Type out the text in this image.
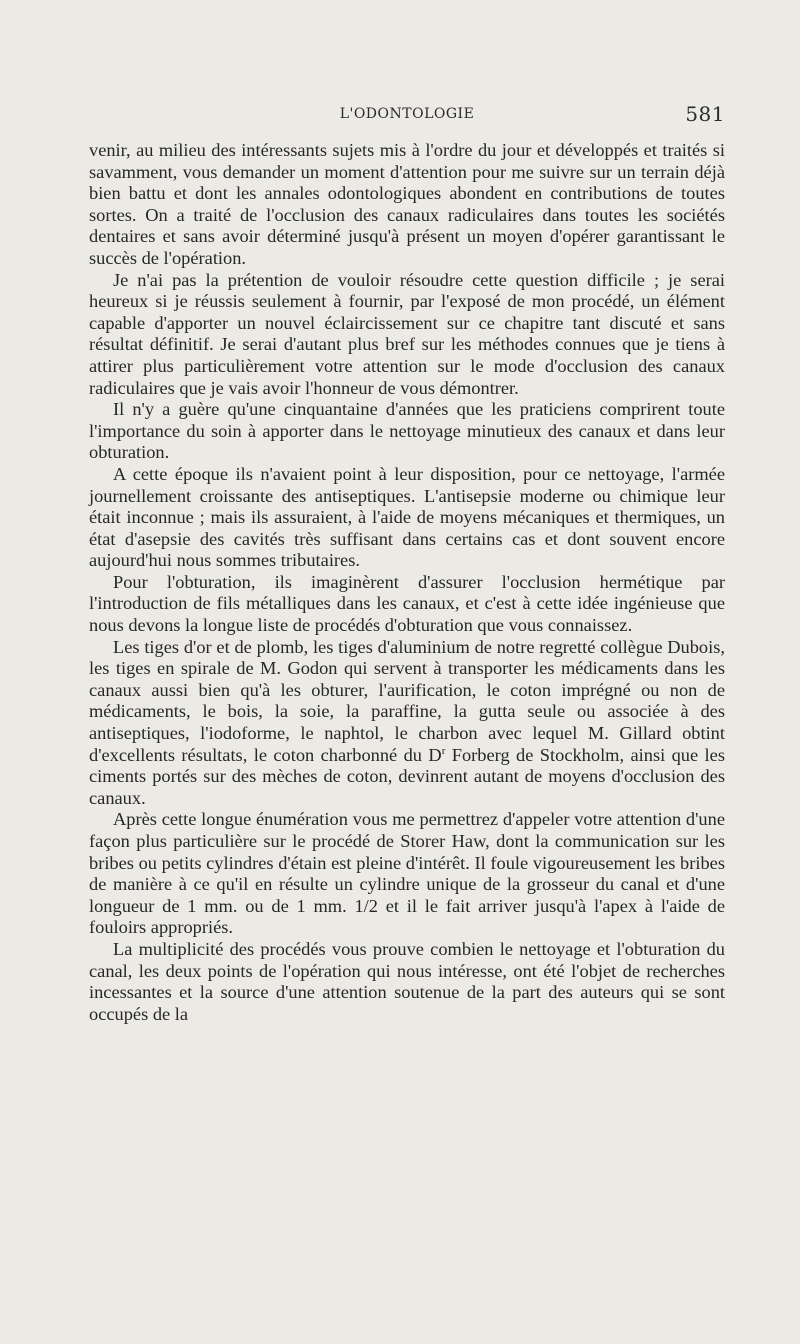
L'ODONTOLOGIE	581

venir, au milieu des intéressants sujets mis à l'ordre du jour et développés et traités si savamment, vous demander un moment d'attention pour me suivre sur un terrain déjà bien battu et dont les annales odontologiques abondent en contributions de toutes sortes. On a traité de l'occlusion des canaux radiculaires dans toutes les sociétés dentaires et sans avoir déterminé jusqu'à présent un moyen d'opérer garantissant le succès de l'opération.

Je n'ai pas la prétention de vouloir résoudre cette question difficile ; je serai heureux si je réussis seulement à fournir, par l'exposé de mon procédé, un élément capable d'apporter un nouvel éclaircissement sur ce chapitre tant discuté et sans résultat définitif. Je serai d'autant plus bref sur les méthodes connues que je tiens à attirer plus particulièrement votre attention sur le mode d'occlusion des canaux radiculaires que je vais avoir l'honneur de vous démontrer.

Il n'y a guère qu'une cinquantaine d'années que les praticiens comprirent toute l'importance du soin à apporter dans le nettoyage minutieux des canaux et dans leur obturation.

A cette époque ils n'avaient point à leur disposition, pour ce nettoyage, l'armée journellement croissante des antiseptiques. L'antisepsie moderne ou chimique leur était inconnue ; mais ils assuraient, à l'aide de moyens mécaniques et thermiques, un état d'asepsie des cavités très suffisant dans certains cas et dont souvent encore aujourd'hui nous sommes tributaires.

Pour l'obturation, ils imaginèrent d'assurer l'occlusion hermétique par l'introduction de fils métalliques dans les canaux, et c'est à cette idée ingénieuse que nous devons la longue liste de procédés d'obturation que vous connaissez.

Les tiges d'or et de plomb, les tiges d'aluminium de notre regretté collègue Dubois, les tiges en spirale de M. Godon qui servent à transporter les médicaments dans les canaux aussi bien qu'à les obturer, l'aurification, le coton imprégné ou non de médicaments, le bois, la soie, la paraffine, la gutta seule ou associée à des antiseptiques, l'iodoforme, le naphtol, le charbon avec lequel M. Gillard obtint d'excellents résultats, le coton charbonné du $D^r$ Forberg de Stockholm, ainsi que les ciments portés sur des mèches de coton, devinrent autant de moyens d'occlusion des canaux.

Après cette longue énumération vous me permettrez d'appeler votre attention d'une façon plus particulière sur le procédé de Storer Haw, dont la communication sur les bribes ou petits cylindres d'étain est pleine d'intérêt. Il foule vigoureusement les bribes de manière à ce qu'il en résulte un cylindre unique de la grosseur du canal et d'une longueur de 1 mm. ou de 1 mm. 1/2 et il le fait arriver jusqu'à l'apex à l'aide de fouloirs appropriés.

La multiplicité des procédés vous prouve combien le nettoyage et l'obturation du canal, les deux points de l'opération qui nous intéresse, ont été l'objet de recherches incessantes et la source d'une attention soutenue de la part des auteurs qui se sont occupés de la
